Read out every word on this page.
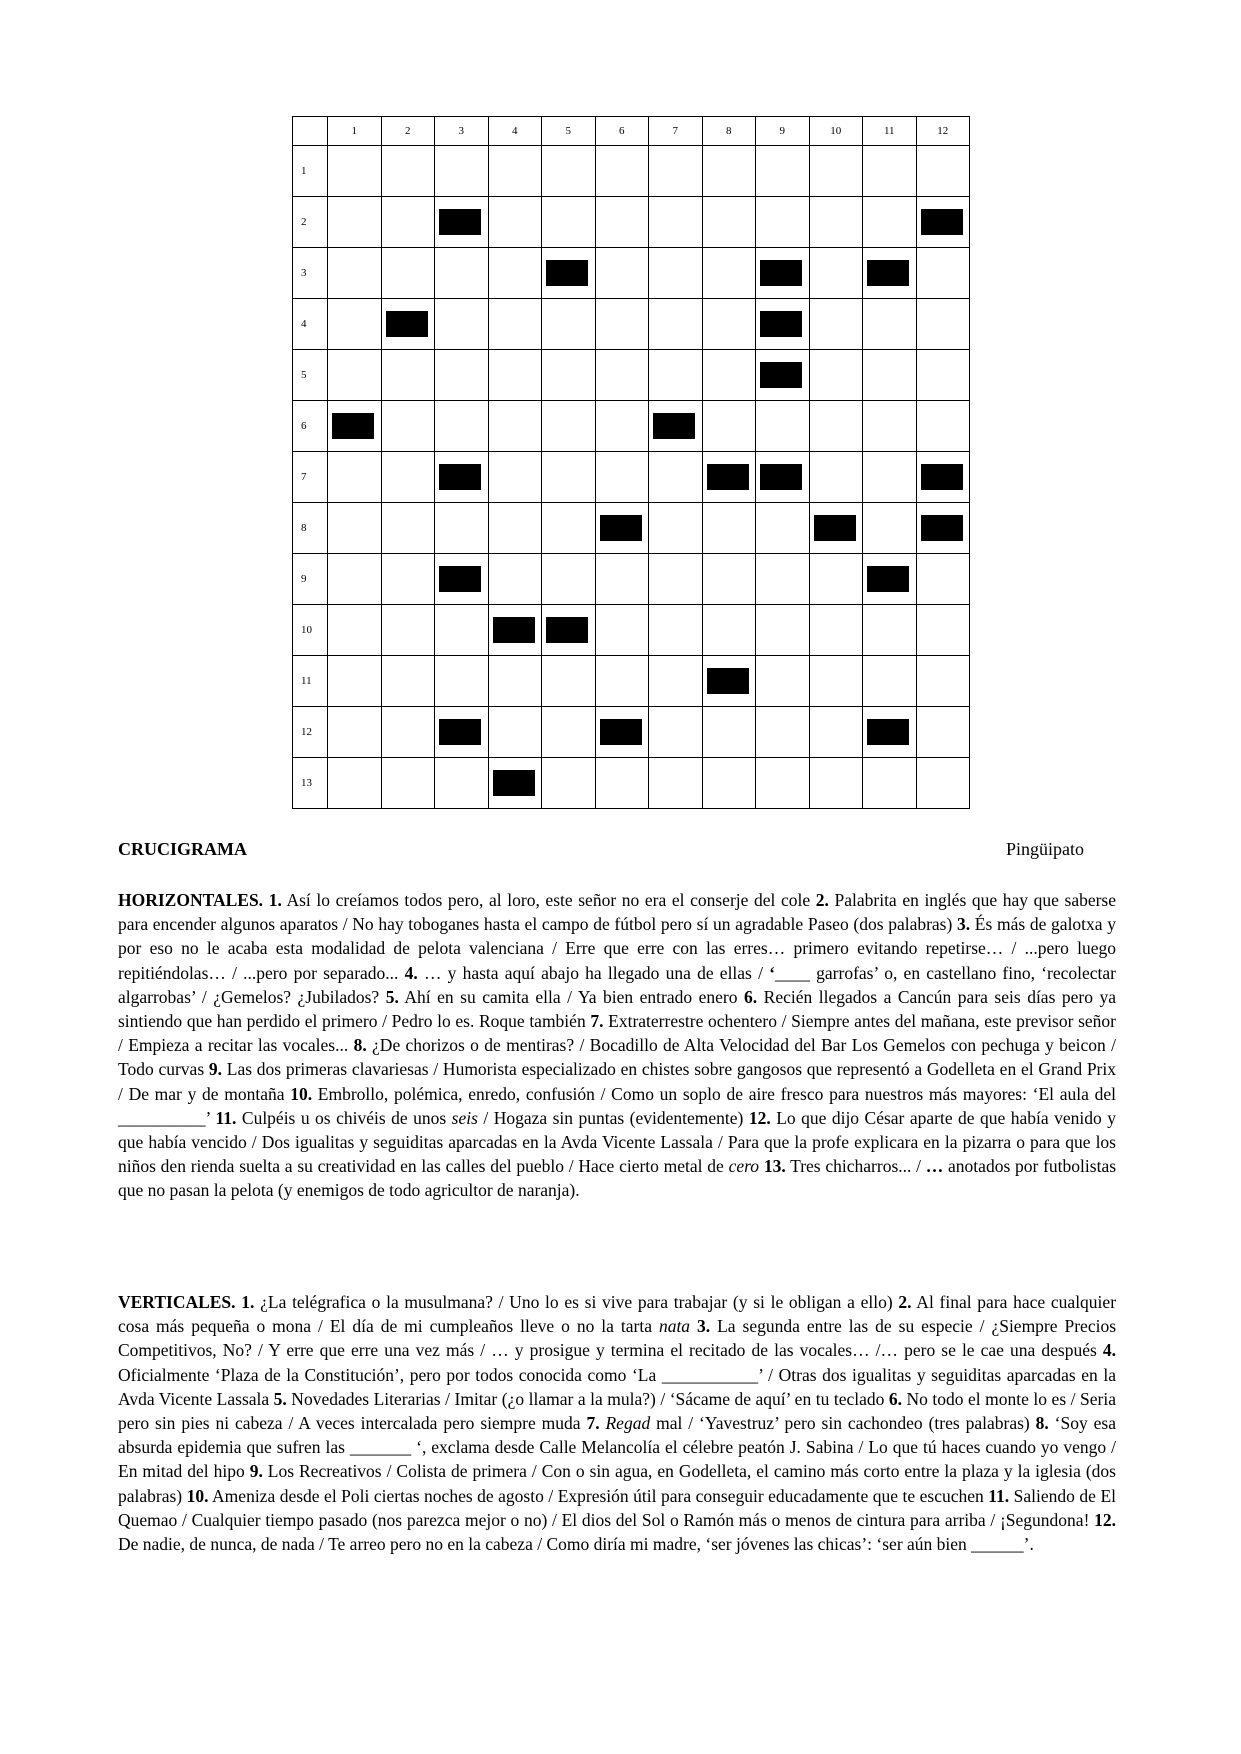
	1	2	3	4	5	6	7	8	9	10	11	12
1												
2			

3					

4		

5									

6	

7			

8						

9			

10				

11								

12			

13				

CRUCIGRAMA	Pingüipato
HORIZONTALES. 1. Así lo creíamos todos pero, al loro, este señor no era el conserje del cole 2. Palabrita en inglés que hay que saberse para encender algunos aparatos / No hay toboganes hasta el campo de fútbol pero sí un agradable Paseo (dos palabras) 3. És más de galotxa y por eso no le acaba esta modalidad de pelota valenciana / Erre que erre con las erres… primero evitando repetirse… / ...pero luego repitiéndolas… / ...pero por separado... 4. … y hasta aquí abajo ha llegado una de ellas / ‘____ garrofas’ o, en castellano fino, ‘recolectar algarrobas’ / ¿Gemelos? ¿Jubilados? 5. Ahí en su camita ella / Ya bien entrado enero 6. Recién llegados a Cancún para seis días pero ya sintiendo que han perdido el primero / Pedro lo es. Roque también 7. Extraterrestre ochentero / Siempre antes del mañana, este previsor señor / Empieza a recitar las vocales... 8. ¿De chorizos o de mentiras? / Bocadillo de Alta Velocidad del Bar Los Gemelos con pechuga y beicon / Todo curvas 9. Las dos primeras clavariesas / Humorista especializado en chistes sobre gangosos que representó a Godelleta en el Grand Prix / De mar y de montaña 10. Embrollo, polémica, enredo, confusión / Como un soplo de aire fresco para nuestros más mayores: ‘El aula del __________’ 11. Culpéis u os chivéis de unos seis / Hogaza sin puntas (evidentemente) 12. Lo que dijo César aparte de que había venido y que había vencido / Dos igualitas y seguiditas aparcadas en la Avda Vicente Lassala / Para que la profe explicara en la pizarra o para que los niños den rienda suelta a su creatividad en las calles del pueblo / Hace cierto metal de cero 13. Tres chicharros... / … anotados por futbolistas que no pasan la pelota (y enemigos de todo agricultor de naranja).
VERTICALES. 1. ¿La telégrafica o la musulmana? / Uno lo es si vive para trabajar (y si le obligan a ello) 2. Al final para hace cualquier cosa más pequeña o mona / El día de mi cumpleaños lleve o no la tarta nata 3. La segunda entre las de su especie / ¿Siempre Precios Competitivos, No? / Y erre que erre una vez más / … y prosigue y termina el recitado de las vocales… /… pero se le cae una después 4. Oficialmente ‘Plaza de la Constitución’, pero por todos conocida como ‘La ___________’ / Otras dos igualitas y seguiditas aparcadas en la Avda Vicente Lassala 5. Novedades Literarias / Imitar (¿o llamar a la mula?) / ‘Sácame de aquí’ en tu teclado 6. No todo el monte lo es / Seria pero sin pies ni cabeza / A veces intercalada pero siempre muda 7. Regad mal / ‘Yavestruz’ pero sin cachondeo (tres palabras) 8. ‘Soy esa absurda epidemia que sufren las _______ ‘, exclama desde Calle Melancolía el célebre peatón J. Sabina / Lo que tú haces cuando yo vengo / En mitad del hipo 9. Los Recreativos / Colista de primera / Con o sin agua, en Godelleta, el camino más corto entre la plaza y la iglesia (dos palabras) 10. Ameniza desde el Poli ciertas noches de agosto / Expresión útil para conseguir educadamente que te escuchen 11. Saliendo de El Quemao / Cualquier tiempo pasado (nos parezca mejor o no) / El dios del Sol o Ramón más o menos de cintura para arriba / ¡Segundona! 12. De nadie, de nunca, de nada / Te arreo pero no en la cabeza / Como diría mi madre, ‘ser jóvenes las chicas’: ‘ser aún bien ______’.
